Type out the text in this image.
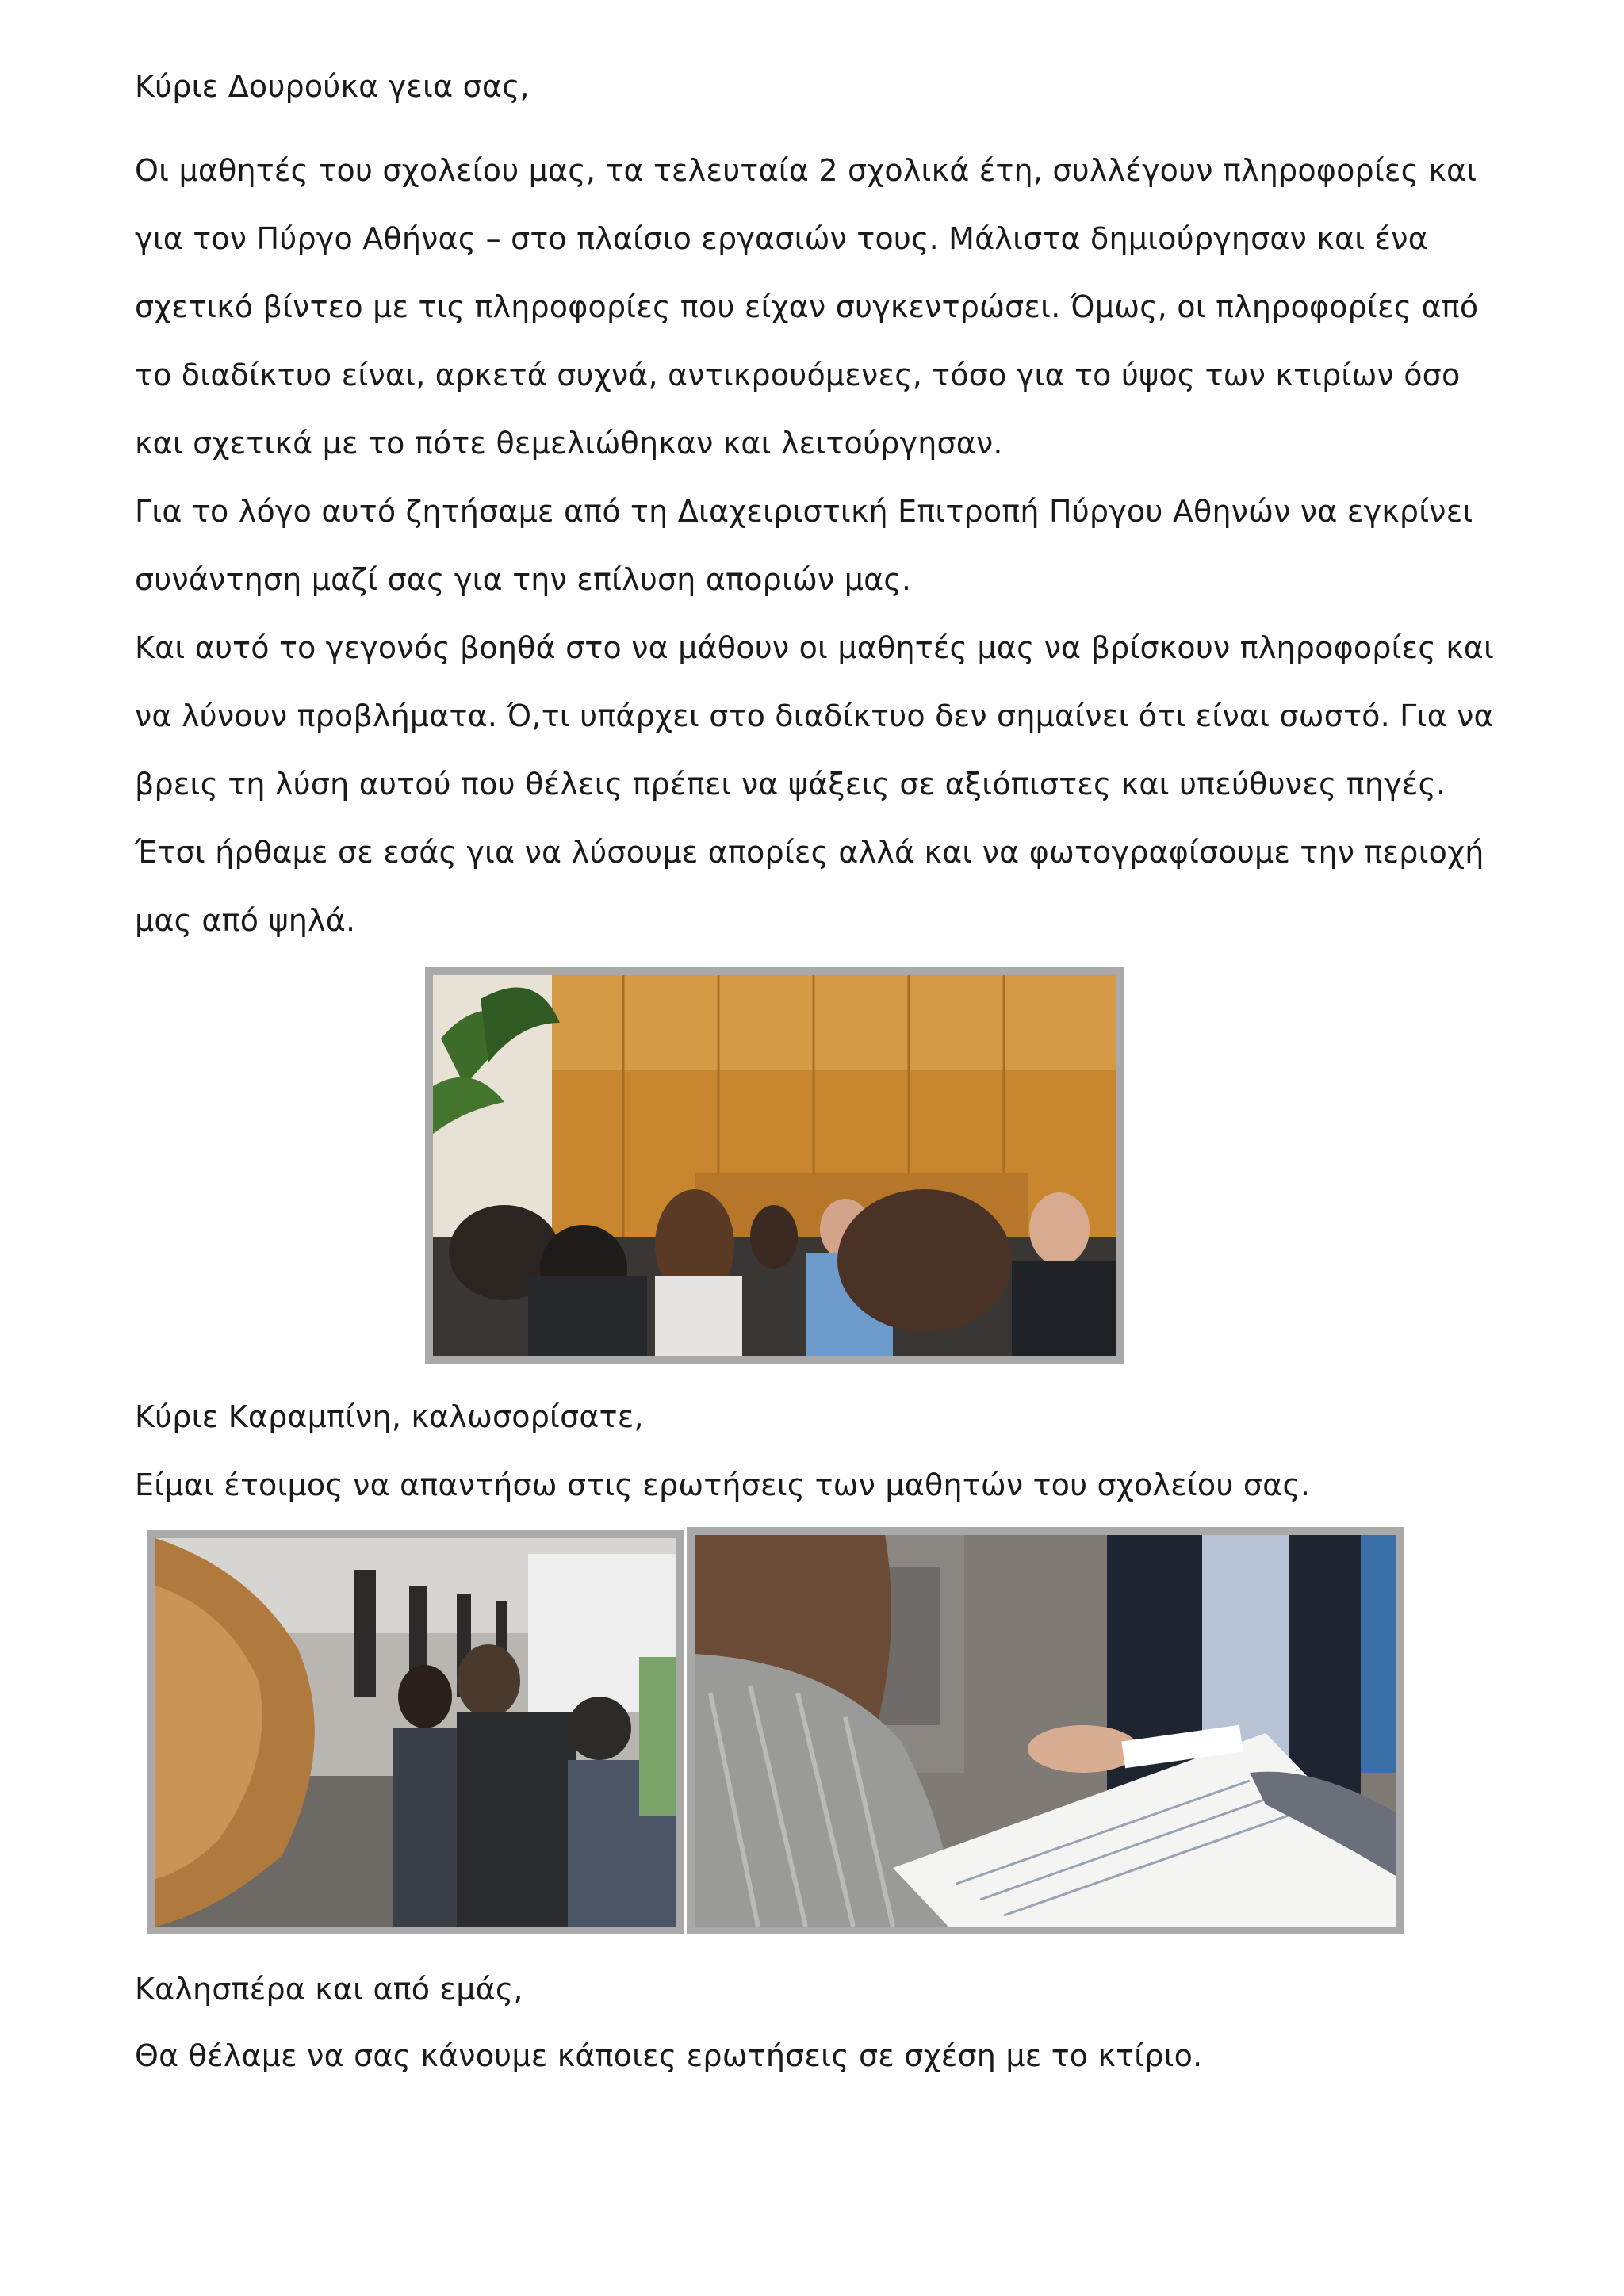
Κύριε Δουρούκα γεια σας,
Οι μαθητές του σχολείου μας, τα τελευταία 2 σχολικά έτη, συλλέγουν πληροφορίες και
για τον Πύργο Αθήνας – στο πλαίσιο εργασιών τους. Μάλιστα δημιούργησαν και ένα
σχετικό βίντεο με τις πληροφορίες που είχαν συγκεντρώσει. Όμως, οι πληροφορίες από
το διαδίκτυο είναι, αρκετά συχνά, αντικρουόμενες, τόσο για το ύψος των κτιρίων όσο
και σχετικά με το πότε θεμελιώθηκαν και λειτούργησαν.
Για το λόγο αυτό ζητήσαμε από τη Διαχειριστική Επιτροπή Πύργου Αθηνών να εγκρίνει
συνάντηση μαζί σας για την επίλυση αποριών μας.
Και αυτό το γεγονός βοηθά στο να μάθουν οι μαθητές μας να βρίσκουν πληροφορίες και
να λύνουν προβλήματα. Ό,τι υπάρχει στο διαδίκτυο δεν σημαίνει ότι είναι σωστό. Για να
βρεις τη λύση αυτού που θέλεις πρέπει να ψάξεις σε αξιόπιστες και υπεύθυνες πηγές.
Έτσι ήρθαμε σε εσάς για να λύσουμε απορίες αλλά και να φωτογραφίσουμε την περιοχή
μας από ψηλά.
Κύριε Καραμπίνη, καλωσορίσατε,
Είμαι έτοιμος να απαντήσω στις ερωτήσεις των μαθητών του σχολείου σας.
Καλησπέρα και από εμάς,
Θα θέλαμε να σας κάνουμε κάποιες ερωτήσεις σε σχέση με το κτίριο.
